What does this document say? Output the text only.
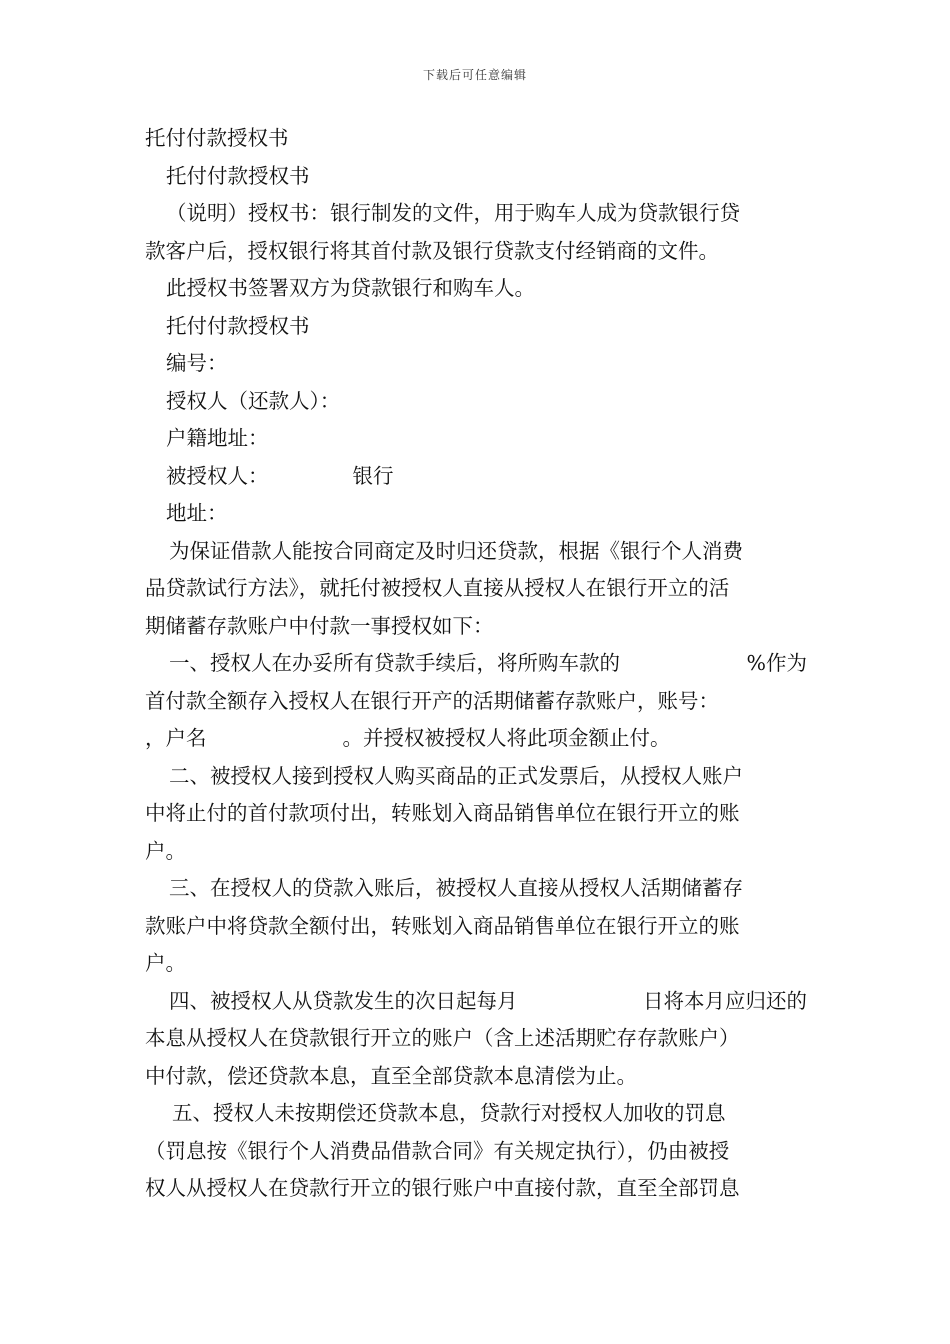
下载后可任意编辑
托付付款授权书
托付付款授权书
（说明）授权书：银行制发的文件，用于购车人成为贷款银行贷
款客户后，授权银行将其首付款及银行贷款支付经销商的文件。
此授权书签署双方为贷款银行和购车人。
托付付款授权书
编号：
授权人（还款人）：
户籍地址：
被授权人：	银行
地址：
为保证借款人能按合同商定及时归还贷款，根据《银行个人消费
品贷款试行方法》，就托付被授权人直接从授权人在银行开立的活
期储蓄存款账户中付款一事授权如下：
一、授权人在办妥所有贷款手续后，将所购车款的	%作为
首付款全额存入授权人在银行开产的活期储蓄存款账户，账号：
，户名	。并授权被授权人将此项金额止付。
二、被授权人接到授权人购买商品的正式发票后，从授权人账户
中将止付的首付款项付出，转账划入商品销售单位在银行开立的账
户。
三、在授权人的贷款入账后，被授权人直接从授权人活期储蓄存
款账户中将贷款全额付出，转账划入商品销售单位在银行开立的账
户。
四、被授权人从贷款发生的次日起每月	日将本月应归还的
本息从授权人在贷款银行开立的账户（含上述活期贮存存款账户）
中付款，偿还贷款本息，直至全部贷款本息清偿为止。
五、授权人未按期偿还贷款本息，贷款行对授权人加收的罚息
（罚息按《银行个人消费品借款合同》有关规定执行），仍由被授
权人从授权人在贷款行开立的银行账户中直接付款，直至全部罚息
